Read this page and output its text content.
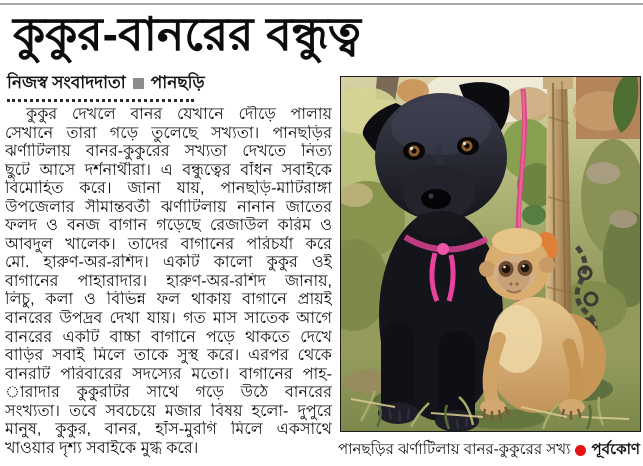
কুকুর-বানরের বন্ধুত্ব
নিজস্ব সংবাদদাতা পানছড়ি
কুকুর দেখলে বানর যেখানে দৌড়ে পালায়
সেখানে তারা গড়ে তুলেছে সখ্যতা। পানছড়ির
ঝর্ণাটিলায় বানর-কুকুরের সখ্যতা দেখতে নিত্য
ছুটে আসে দর্শনার্থীরা। এ বন্ধুত্বের বাঁধন সবাইকে
বিমোহিত করে। জানা যায়, পানছড়ি-মাটিরাঙ্গা
উপজেলার সীমান্তবর্তী ঝর্ণাটিলায় নানান জাতের
ফলদ ও বনজ বাগান গড়েছে রেজাউল করিম ও
আবদুল খালেক। তাদের বাগানের পরিচর্যা করে
মো. হারুণ-অর-রশিদ। একটি কালো কুকুর ওই
বাগানের পাহারাদার। হারুণ-অর-রশিদ জানায়,
লিচু, কলা ও বিভিন্ন ফল থাকায় বাগানে প্রায়ই
বানরের উপদ্রব দেখা যায়। গত মাস সাতেক আগে
বানরের একটি বাচ্চা বাগানে পড়ে থাকতে দেখে
বাড়ির সবাই মিলে তাকে সুস্থ করে। এরপর থেকে
বানরটি পরিবারের সদস্যের মতো। বাগানের পাহ-
ারাদার কুকুরটির সাথে গড়ে উঠে বানরের
সংখ্যতা। তবে সবচেয়ে মজার বিষয় হলো- দুপুরে
মানুষ, কুকুর, বানর, হাঁস-মুরগি মিলে একসাথে
খাওয়ার দৃশ্য সবাইকে মুগ্ধ করে।	পানছড়ির ঝর্ণাটিলায় বানর-কুকুরের সখ্য পূর্বকোণ
